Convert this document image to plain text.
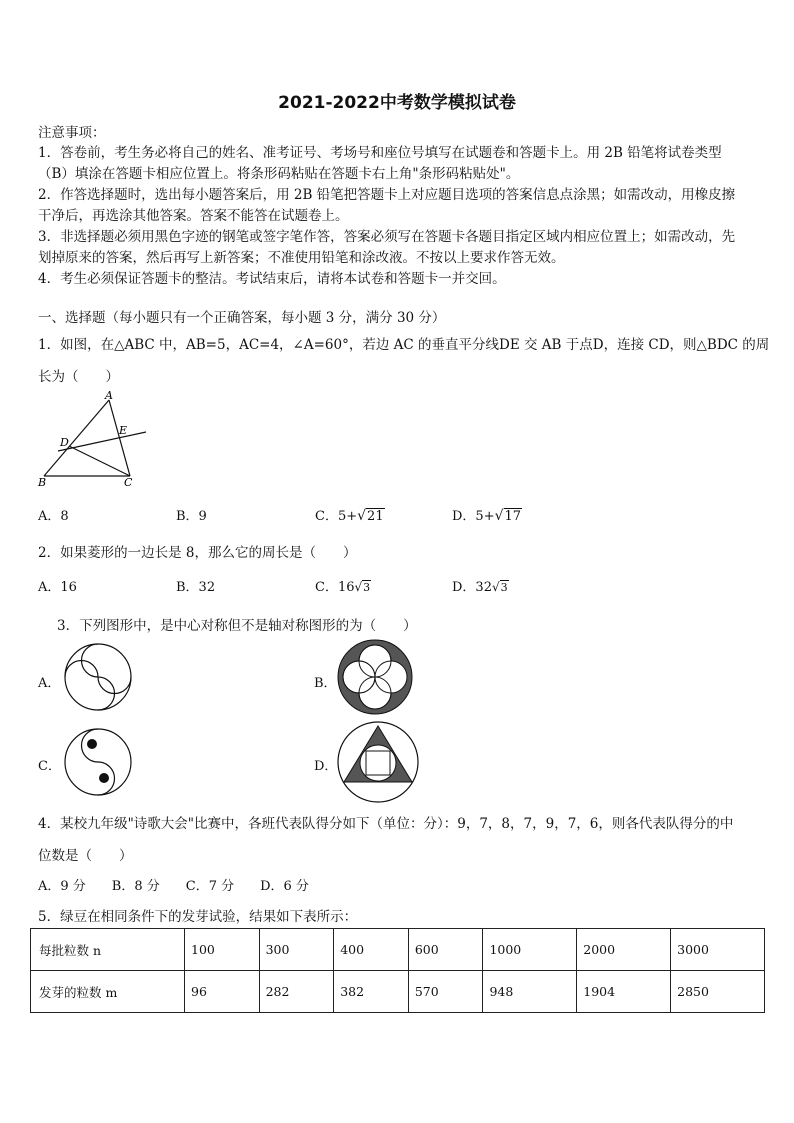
2021-2022中考数学模拟试卷
注意事项：
1．答卷前，考生务必将自己的姓名、准考证号、考场号和座位号填写在试题卷和答题卡上。用 2B 铅笔将试卷类型
（B）填涂在答题卡相应位置上。将条形码粘贴在答题卡右上角"条形码粘贴处"。
2．作答选择题时，选出每小题答案后，用 2B 铅笔把答题卡上对应题目选项的答案信息点涂黑；如需改动，用橡皮擦
干净后，再选涂其他答案。答案不能答在试题卷上。
3．非选择题必须用黑色字迹的钢笔或签字笔作答，答案必须写在答题卡各题目指定区域内相应位置上；如需改动，先
划掉原来的答案，然后再写上新答案；不准使用铅笔和涂改液。不按以上要求作答无效。
4．考生必须保证答题卡的整洁。考试结束后，请将本试卷和答题卡一并交回。
一、选择题（每小题只有一个正确答案，每小题 3 分，满分 30 分）
1．如图，在△ABC 中，AB=5，AC=4，∠A=60°，若边 AC 的垂直平分线DE 交 AB 于点D，连接 CD，则△BDC 的周
长为（　　）
A
D
E
B	C
A．8	B．9	C．5+√21	D．5+√17
2．如果菱形的一边长是 8，那么它的周长是（　　）
A．16	B．32	C．16√3	D．32√3
3．下列图形中，是中心对称但不是轴对称图形的为（　　）
A．	B．
C．	D．
4．某校九年级"诗歌大会"比赛中，各班代表队得分如下（单位：分）：9，7，8，7，9，7，6，则各代表队得分的中
位数是（　　）
A．9 分　　B．8 分　　C．7 分　　D．6 分
5．绿豆在相同条件下的发芽试验，结果如下表所示：
每批粒数 n	100	300	400	600	1000	2000	3000
发芽的粒数 m	96	282	382	570	948	1904	2850
